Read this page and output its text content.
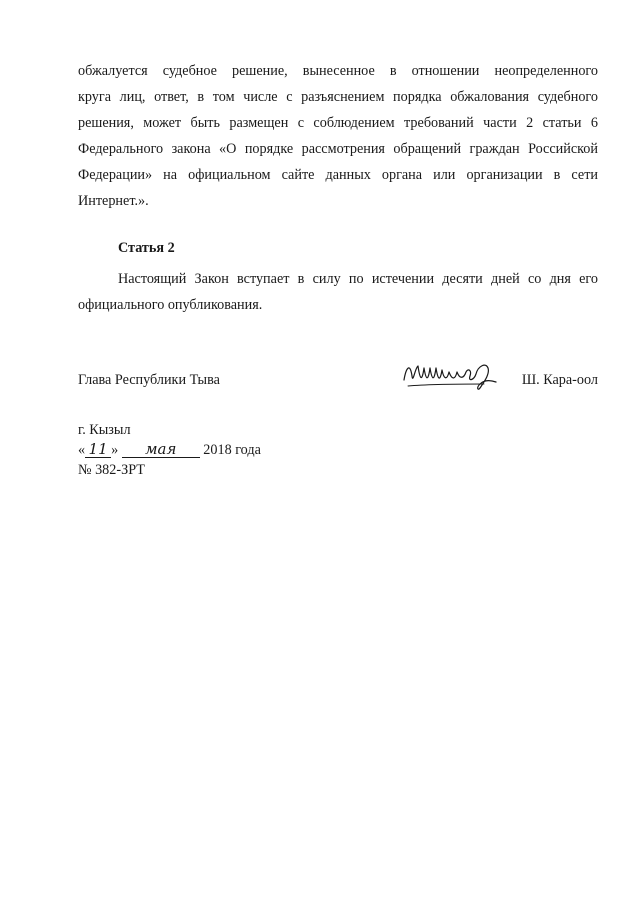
обжалуется судебное решение, вынесенное в отношении неопределенного
круга лиц, ответ, в том числе с разъяснением порядка обжалования судебного
решения, может быть размещен с соблюдением требований части 2 статьи 6
Федерального закона «О порядке рассмотрения обращений граждан Российской
Федерации» на официальном сайте данных органа или организации в сети
Интернет.».
Статья 2
Настоящий Закон вступает в силу по истечении десяти дней со дня его
официального опубликования.
Глава Республики Тыва	Ш. Кара-оол
г. Кызыл
« 11 » мая 2018 года
№ 382-ЗРТ
